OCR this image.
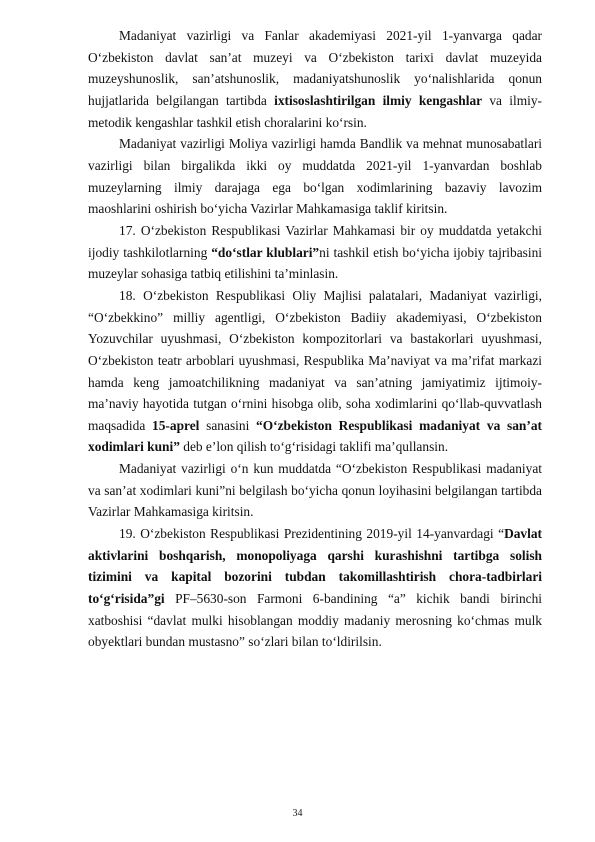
Madaniyat vazirligi va Fanlar akademiyasi 2021-yil 1-yanvarga qadar O‘zbekiston davlat san’at muzeyi va O‘zbekiston tarixi davlat muzeyida muzeyshunoslik, san’atshunoslik, madaniyatshunoslik yo‘nalishlarida qonun hujjatlarida belgilangan tartibda ixtisoslashtirilgan ilmiy kengashlar va ilmiy-metodik kengashlar tashkil etish choralarini ko‘rsin.

Madaniyat vazirligi Moliya vazirligi hamda Bandlik va mehnat munosabatlari vazirligi bilan birgalikda ikki oy muddatda 2021-yil 1-yanvardan boshlab muzeylarning ilmiy darajaga ega bo‘lgan xodimlarining bazaviy lavozim maoshlarini oshirish bo‘yicha Vazirlar Mahkamasiga taklif kiritsin.

17. O‘zbekiston Respublikasi Vazirlar Mahkamasi bir oy muddatda yetakchi ijodiy tashkilotlarning “do‘stlar klublari”ni tashkil etish bo‘yicha ijobiy tajribasini muzeylar sohasiga tatbiq etilishini ta’minlasin.

18. O‘zbekiston Respublikasi Oliy Majlisi palatalari, Madaniyat vazirligi, “O‘zbekkino” milliy agentligi, O‘zbekiston Badiiy akademiyasi, O‘zbekiston Yozuvchilar uyushmasi, O‘zbekiston kompozitorlari va bastakorlari uyushmasi, O‘zbekiston teatr arboblari uyushmasi, Respublika Ma’naviyat va ma’rifat markazi hamda keng jamoatchilikning madaniyat va san’atning jamiyatimiz ijtimoiy-ma’naviy hayotida tutgan o‘rnini hisobga olib, soha xodimlarini qo‘llab-quvvatlash maqsadida 15-aprel sanasini “O‘zbekiston Respublikasi madaniyat va san’at xodimlari kuni” deb e’lon qilish to‘g‘risidagi taklifi ma’qullansin.

Madaniyat vazirligi o‘n kun muddatda “O‘zbekiston Respublikasi madaniyat va san’at xodimlari kuni”ni belgilash bo‘yicha qonun loyihasini belgilangan tartibda Vazirlar Mahkamasiga kiritsin.

19. O‘zbekiston Respublikasi Prezidentining 2019-yil 14-yanvardagi “Davlat aktivlarini boshqarish, monopoliyaga qarshi kurashishni tartibga solish tizimini va kapital bozorini tubdan takomillashtirish chora-tadbirlari to‘g‘risida”gi PF–5630-son Farmoni 6-bandining “a” kichik bandi birinchi xatboshisi “davlat mulki hisoblangan moddiy madaniy merosning ko‘chmas mulk obyektlari bundan mustasno” so‘zlari bilan to‘ldirilsin.

34
